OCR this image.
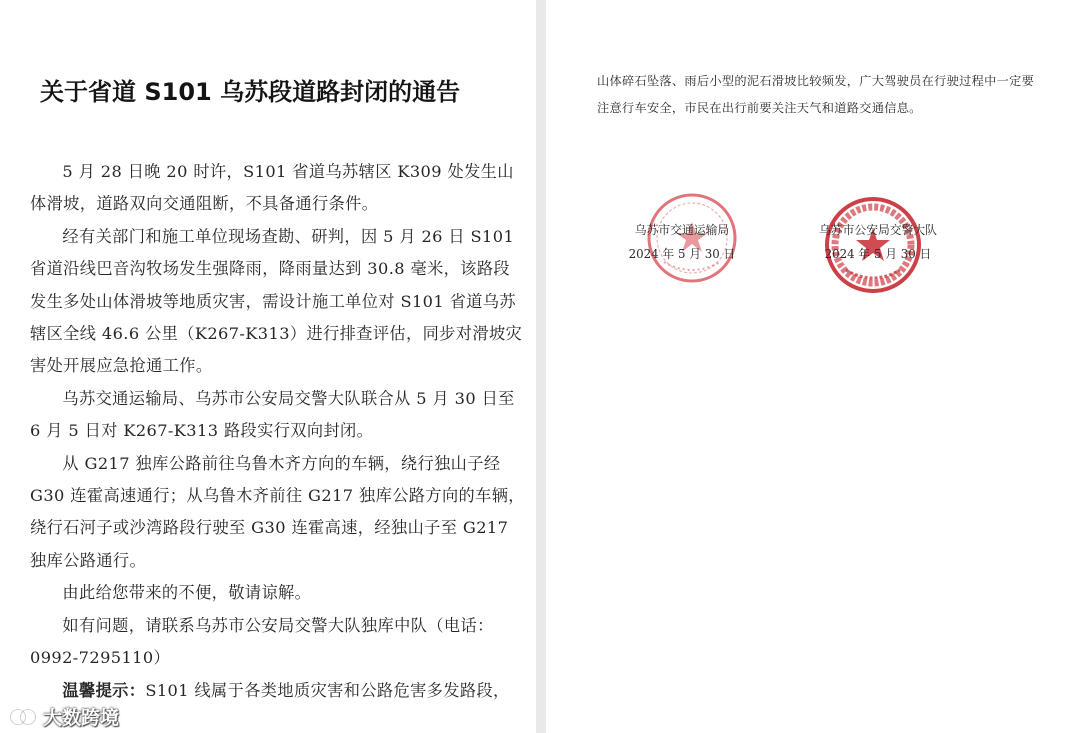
关于省道 S101 乌苏段道路封闭的通告

5 月 28 日晚 20 时许，S101 省道乌苏辖区 K309 处发生山体滑坡，道路双向交通阻断，不具备通行条件。

经有关部门和施工单位现场查勘、研判，因 5 月 26 日 S101 省道沿线巴音沟牧场发生强降雨，降雨量达到 30.8 毫米，该路段发生多处山体滑坡等地质灾害，需设计施工单位对 S101 省道乌苏辖区全线 46.6 公里（K267-K313）进行排查评估，同步对滑坡灾害处开展应急抢通工作。

乌苏交通运输局、乌苏市公安局交警大队联合从 5 月 30 日至 6 月 5 日对 K267-K313 路段实行双向封闭。

从 G217 独库公路前往乌鲁木齐方向的车辆，绕行独山子经 G30 连霍高速通行；从乌鲁木齐前往 G217 独库公路方向的车辆，绕行石河子或沙湾路段行驶至 G30 连霍高速，经独山子至 G217 独库公路通行。

由此给您带来的不便，敬请谅解。

如有问题，请联系乌苏市公安局交警大队独库中队（电话：0992-7295110）

温馨提示：S101 线属于各类地质灾害和公路危害多发路段，

大数跨境

山体碎石坠落、雨后小型的泥石滑坡比较频发，广大驾驶员在行驶过程中一定要注意行车安全，市民在出行前要关注天气和道路交通信息。

乌苏市交通运输局
2024 年 5 月 30 日
乌苏市公安局交警大队
2024 年 5 月 30 日
